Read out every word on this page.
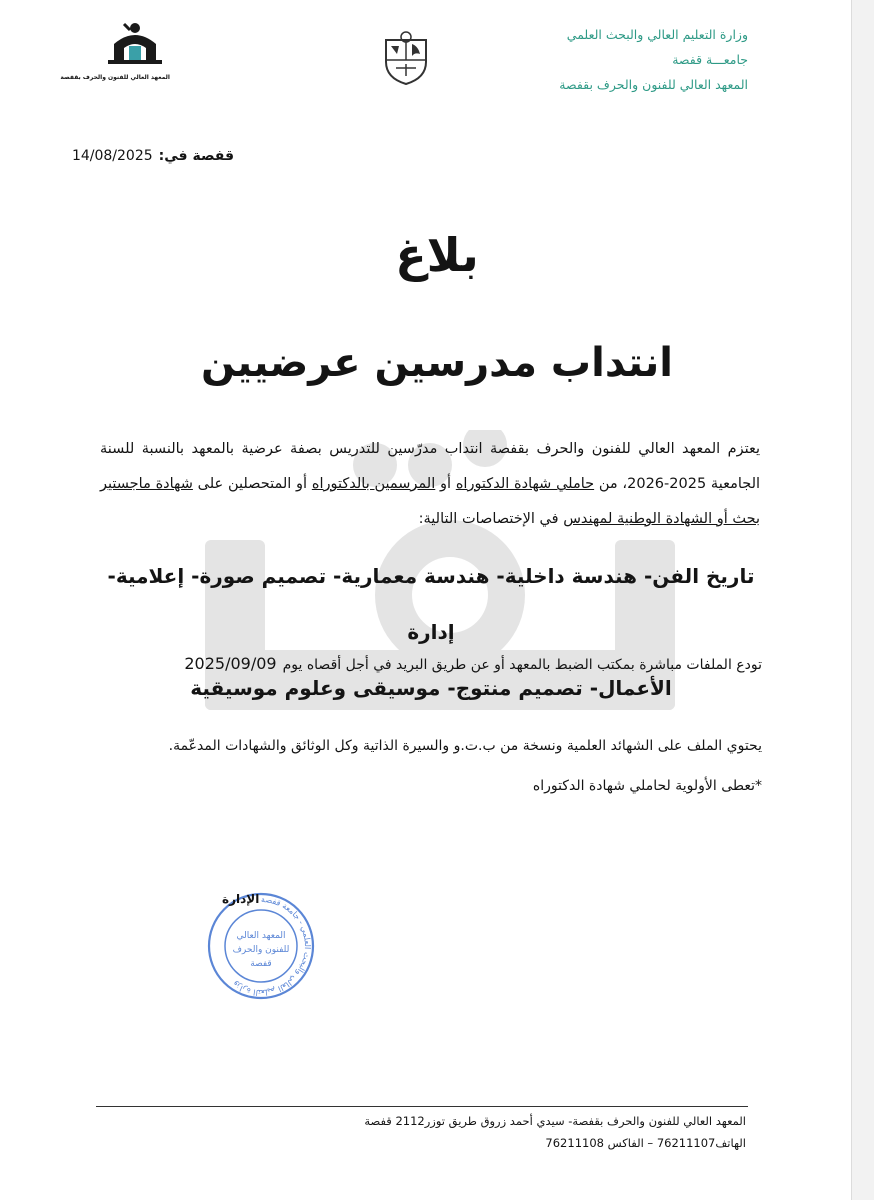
وزارة التعليم العالي والبحث العلمي
جامعـــة قفصة
المعهد العالي للفنون والحرف بقفصة
المعهد العالي للفنون والحرف بقفصة
قفصة في:14/08/2025
بلاغ
انتداب مدرسين عرضيين
يعتزم المعهد العالي للفنون والحرف بقفصة انتداب مدرّسين للتدريس بصفة عرضية بالمعهد بالنسبة للسنة الجامعية 2025-2026، من حاملي شهادة الدكتوراه أو المرسمين بالدكتوراه أو المتحصلين على شهادة ماجستير بحث أو الشهادة الوطنية لمهندس في الإختصاصات التالية:
تاريخ الفن- هندسة داخلية- هندسة معمارية- تصميم صورة- إعلامية- إدارة
الأعمال- تصميم منتوج- موسيقى وعلوم موسيقية
تودع الملفات مباشرة بمكتب الضبط بالمعهد أو عن طريق البريد في أجل أقصاه يوم2025/09/09
يحتوي الملف على الشهائد العلمية ونسخة من ب.ت.و والسيرة الذاتية وكل الوثائق والشهادات المدعّمة.
*تعطى الأولوية لحاملي شهادة الدكتوراه
وزارة التعليم العالي والبحث العلمي - جامعة قفصة
المعهد العالي
للفنون والحرف
قفصة
الإدارة
المعهد العالي للفنون والحرف بقفصة- سيدي أحمد زروق طريق توزر2112 قفصة
الهاتف76211107 – الفاكس 76211108
